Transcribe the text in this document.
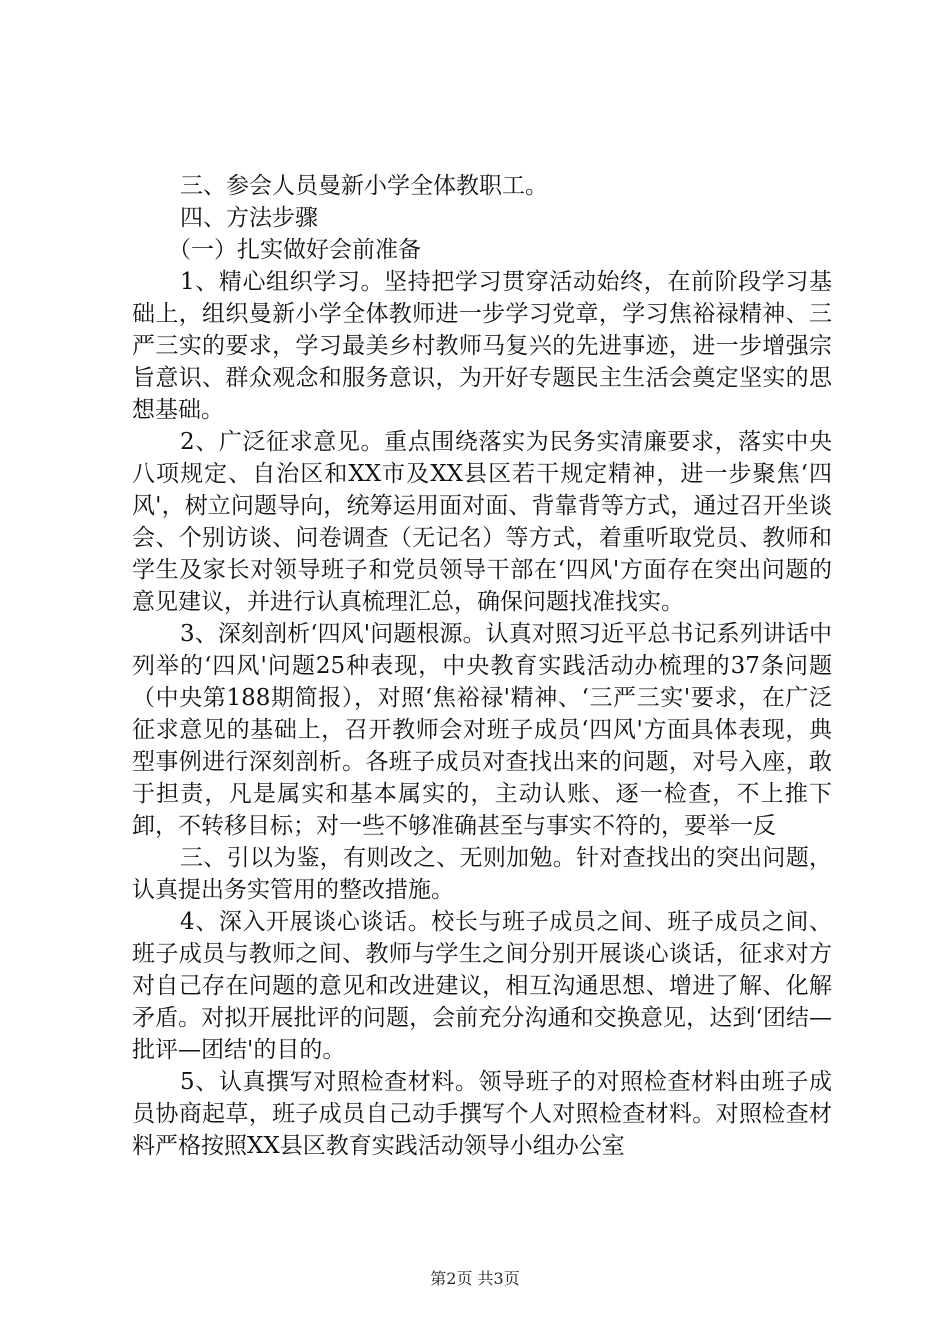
三、参会人员曼新小学全体教职工。

四、方法步骤

（一）扎实做好会前准备

1、精心组织学习。坚持把学习贯穿活动始终，在前阶段学习基础上，组织曼新小学全体教师进一步学习党章，学习焦裕禄精神、三严三实的要求，学习最美乡村教师马复兴的先进事迹，进一步增强宗旨意识、群众观念和服务意识，为开好专题民主生活会奠定坚实的思想基础。

2、广泛征求意见。重点围绕落实为民务实清廉要求，落实中央八项规定、自治区和XX市及XX县区若干规定精神，进一步聚焦‘四风'，树立问题导向，统筹运用面对面、背靠背等方式，通过召开坐谈会、个别访谈、问卷调查（无记名）等方式，着重听取党员、教师和学生及家长对领导班子和党员领导干部在‘四风'方面存在突出问题的意见建议，并进行认真梳理汇总，确保问题找准找实。

3、深刻剖析‘四风'问题根源。认真对照习近平总书记系列讲话中列举的‘四风'问题25种表现，中央教育实践活动办梳理的37条问题（中央第188期简报），对照‘焦裕禄'精神、‘三严三实'要求，在广泛征求意见的基础上，召开教师会对班子成员‘四风'方面具体表现，典型事例进行深刻剖析。各班子成员对查找出来的问题，对号入座，敢于担责，凡是属实和基本属实的，主动认账、逐一检查，不上推下卸，不转移目标；对一些不够准确甚至与事实不符的，要举一反

三、引以为鉴，有则改之、无则加勉。针对查找出的突出问题，认真提出务实管用的整改措施。

4、深入开展谈心谈话。校长与班子成员之间、班子成员之间、班子成员与教师之间、教师与学生之间分别开展谈心谈话，征求对方对自己存在问题的意见和改进建议，相互沟通思想、增进了解、化解矛盾。对拟开展批评的问题，会前充分沟通和交换意见，达到‘团结—批评—团结'的目的。

5、认真撰写对照检查材料。领导班子的对照检查材料由班子成员协商起草，班子成员自己动手撰写个人对照检查材料。对照检查材料严格按照XX县区教育实践活动领导小组办公室

第2页 共3页
